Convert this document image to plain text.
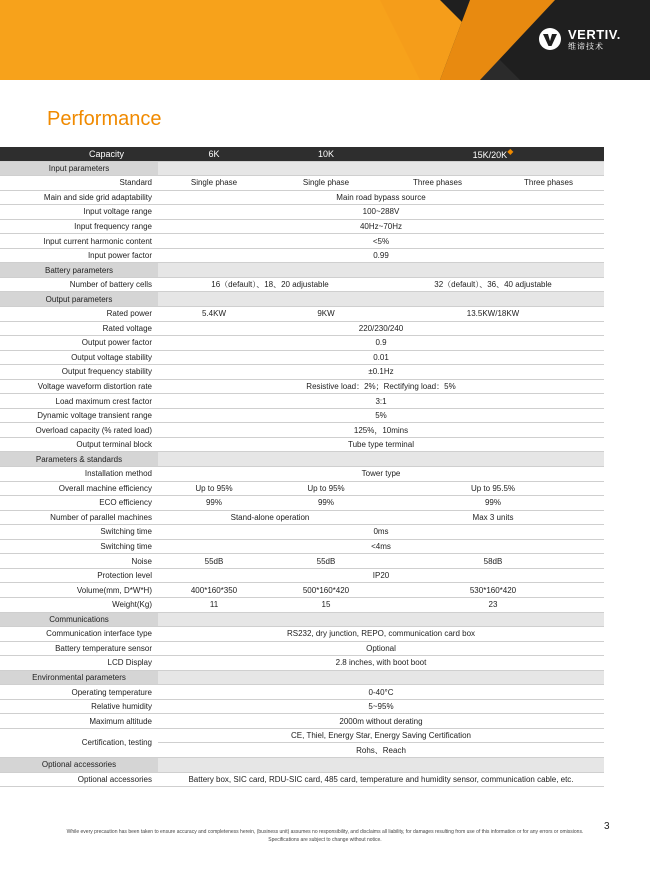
VERTIV.
维谛技术
Performance
Capacity	6K	10K	15K/20K◆	
Input parameters				
Standard	Single phase	Single phase	Three phases	Three phases
Main and side grid adaptability	Main road bypass source			
Input voltage range	100~288V			
Input frequency range	40Hz~70Hz			
Input current harmonic content	<5%			
Input power factor	0.99			
Battery parameters				
Number of battery cells	16（default）、18、20 adjustable		32（default）、36、40 adjustable	
Output parameters				
Rated power	5.4KW	9KW	13.5KW/18KW	
Rated voltage	220/230/240			
Output power factor	0.9			
Output voltage stability	0.01			
Output frequency stability	±0.1Hz			
Voltage waveform distortion rate	Resistive load：2%；Rectifying load：5%			
Load maximum crest factor	3:1			
Dynamic voltage transient range	5%			
Overload capacity (% rated load)	125%，10mins			
Output terminal block	Tube type terminal			
Parameters & standards				
Installation method	Tower type			
Overall machine efficiency	Up to 95%	Up to 95%	Up to 95.5%	
ECO efficiency	99%	99%	99%	
Number of parallel machines	Stand-alone operation		Max 3 units	
Switching time	0ms			
Switching time	<4ms			
Noise	55dB	55dB	58dB	
Protection level	IP20			
Volume(mm, D*W*H)	400*160*350	500*160*420	530*160*420	
Weight(Kg)	11	15	23	
Communications				
Communication interface type	RS232, dry junction, REPO, communication card box			
Battery temperature sensor	Optional			
LCD Display	2.8 inches, with boot boot			
Environmental parameters				
Operating temperature	0-40°C			
Relative humidity	5~95%			
Maximum altitude	2000m without derating			
Certification, testing	CE, Thiel, Energy Star, Energy Saving Certification			
	Rohs、Reach			
Optional accessories				
Optional accessories	Battery box, SIC card, RDU-SIC card, 485 card, temperature and humidity sensor, communication cable, etc.			
3
While every precaution has been taken to ensure accuracy and completeness herein, (business unit) assumes no responsibility, and disclaims all liability, for damages resulting from use of this information or for any errors or omissions.
Specifications are subject to change without notice.
